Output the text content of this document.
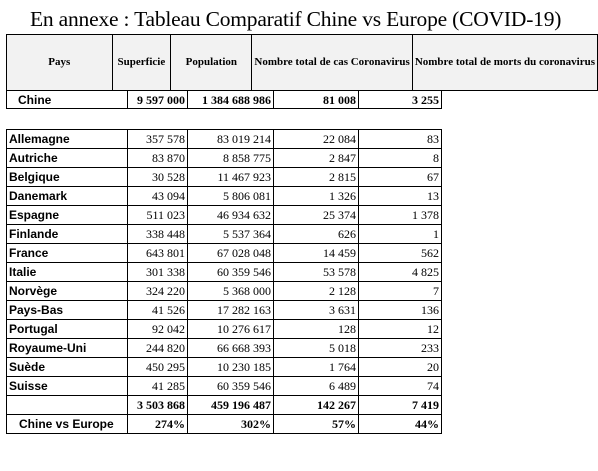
En annexe : Tableau Comparatif Chine vs Europe (COVID-19)
Pays	Superficie	Population	Nombre total de cas Coronavirus	Nombre total de morts du coronavirus
Chine	9 597 000	1 384 688 986	81 008	3 255
Allemagne	357 578	83 019 214	22 084	83
Autriche	83 870	8 858 775	2 847	8
Belgique	30 528	11 467 923	2 815	67
Danemark	43 094	5 806 081	1 326	13
Espagne	511 023	46 934 632	25 374	1 378
Finlande	338 448	5 537 364	626	1
France	643 801	67 028 048	14 459	562
Italie	301 338	60 359 546	53 578	4 825
Norvège	324 220	5 368 000	2 128	7
Pays-Bas	41 526	17 282 163	3 631	136
Portugal	92 042	10 276 617	128	12
Royaume-Uni	244 820	66 668 393	5 018	233
Suède	450 295	10 230 185	1 764	20
Suisse	41 285	60 359 546	6 489	74
	3 503 868	459 196 487	142 267	7 419
Chine vs Europe	274%	302%	57%	44%
